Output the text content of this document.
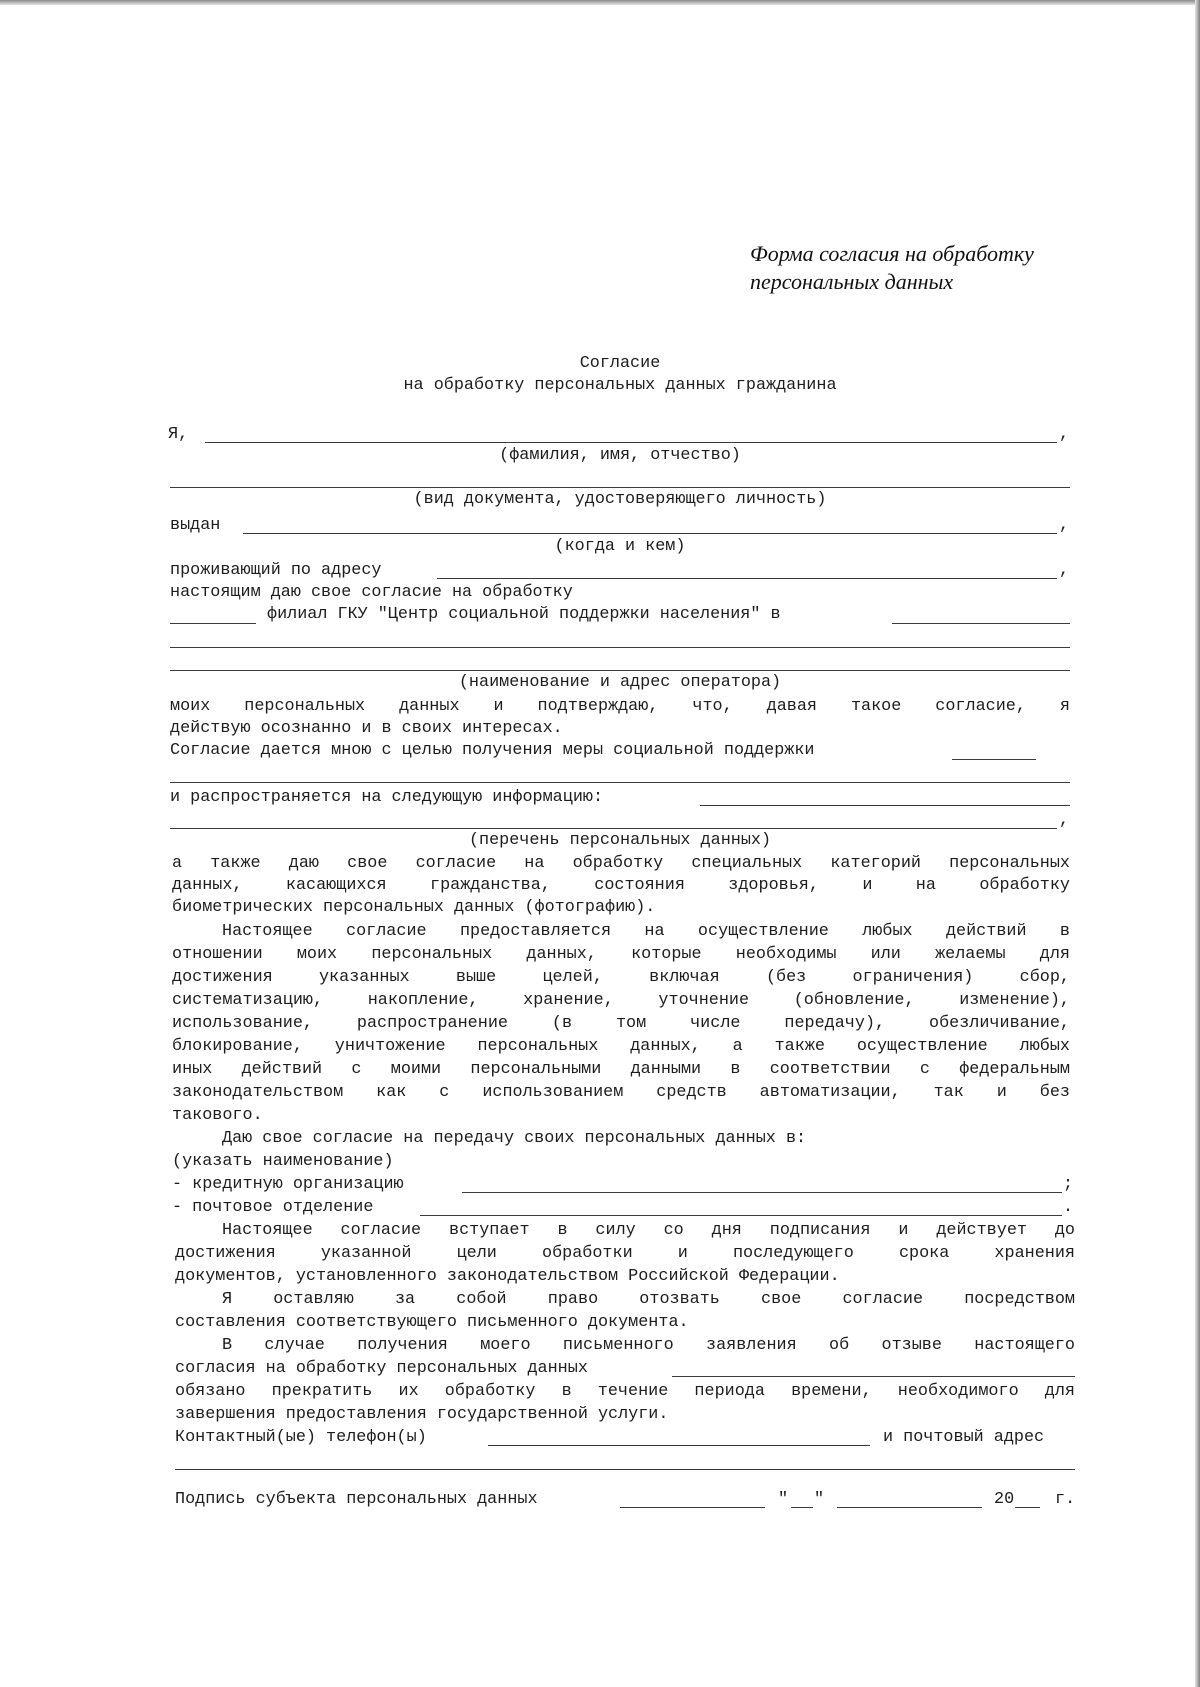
Форма согласия на обработку
персональных данных
Согласие
на обработку персональных данных гражданина
Я,	,
(фамилия, имя, отчество)
(вид документа, удостоверяющего личность)
выдан	,
(когда и кем)
проживающий по адресу	,
настоящим даю свое согласие на обработку
филиал ГКУ "Центр социальной поддержки населения" в
(наименование и адрес оператора)
моих персональных данных и подтверждаю, что, давая такое согласие, я
действую осознанно и в своих интересах.
Согласие дается мною с целью получения меры социальной поддержки
и распространяется на следующую информацию:
,
(перечень персональных данных)
а также даю свое согласие на обработку специальных категорий персональных
данных, касающихся гражданства, состояния здоровья, и на обработку
биометрических персональных данных (фотографию).
Настоящее согласие предоставляется на осуществление любых действий в
отношении моих персональных данных, которые необходимы или желаемы для
достижения указанных выше целей, включая (без ограничения) сбор,
систематизацию, накопление, хранение, уточнение (обновление, изменение),
использование, распространение (в том числе передачу), обезличивание,
блокирование, уничтожение персональных данных, а также осуществление любых
иных действий с моими персональными данными в соответствии с федеральным
законодательством как с использованием средств автоматизации, так и без
такового.
Даю свое согласие на передачу своих персональных данных в:
(указать наименование)
- кредитную организацию	;
- почтовое отделение	.
Настоящее согласие вступает в силу со дня подписания и действует до
достижения указанной цели обработки и последующего срока хранения
документов, установленного законодательством Российской Федерации.
Я оставляю за собой право отозвать свое согласие посредством
составления соответствующего письменного документа.
В случае получения моего письменного заявления об отзыве настоящего
согласия на обработку персональных данных
обязано прекратить их обработку в течение периода времени, необходимого для
завершения предоставления государственной услуги.
Контактный(ые) телефон(ы)	и почтовый адрес
Подпись субъекта персональных данных	" "	20 г.
